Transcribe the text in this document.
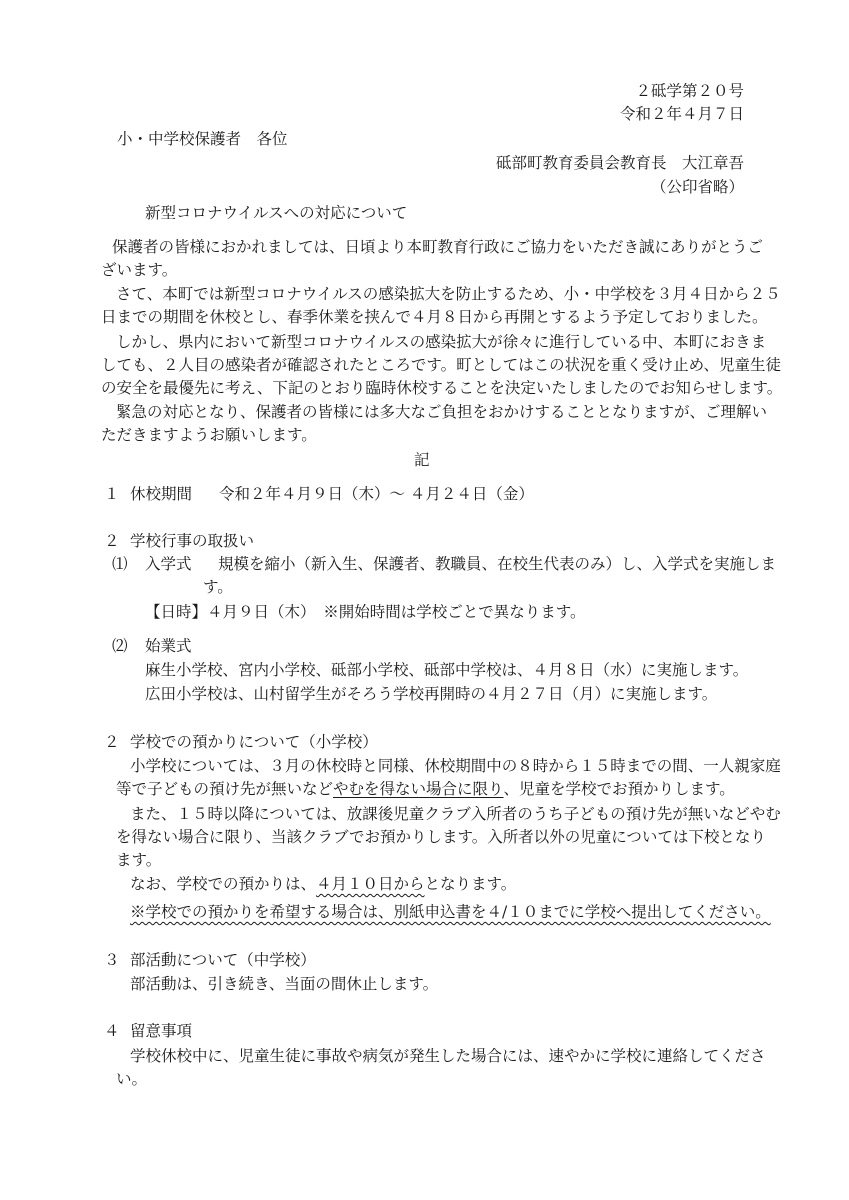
２砥学第２０号
令和２年４月７日
小・中学校保護者　各位
砥部町教育委員会教育長　大江章吾
（公印省略）
新型コロナウイルスへの対応について
保護者の皆様におかれましては、日頃より本町教育行政にご協力をいただき誠にありがとうご
ざいます。
さて、本町では新型コロナウイルスの感染拡大を防止するため、小・中学校を３月４日から２５
日までの期間を休校とし、春季休業を挟んで４月８日から再開とするよう予定しておりました。
しかし、県内において新型コロナウイルスの感染拡大が徐々に進行している中、本町におきま
しても、２人目の感染者が確認されたところです。町としてはこの状況を重く受け止め、児童生徒
の安全を最優先に考え、下記のとおり臨時休校することを決定いたしましたのでお知らせします。
緊急の対応となり、保護者の皆様には多大なご負担をおかけすることとなりますが、ご理解い
ただきますようお願いします。
記
１ 休校期間 令和２年４月９日（木）～ ４月２４日（金）
２ 学校行事の取扱い
⑴ 入学式 規模を縮小（新入生、保護者、教職員、在校生代表のみ）し、入学式を実施しま
す。
【日時】４月９日（木）　※開始時間は学校ごとで異なります。
⑵ 始業式
麻生小学校、宮内小学校、砥部小学校、砥部中学校は、４月８日（水）に実施します。
広田小学校は、山村留学生がそろう学校再開時の４月２７日（月）に実施します。
２ 学校での預かりについて（小学校）
小学校については、３月の休校時と同様、休校期間中の８時から１５時までの間、一人親家庭
等で子どもの預け先が無いなどやむを得ない場合に限り、児童を学校でお預かりします。
また、１５時以降については、放課後児童クラブ入所者のうち子どもの預け先が無いなどやむ
を得ない場合に限り、当該クラブでお預かりします。入所者以外の児童については下校となり
ます。
なお、学校での預かりは、４月１０日からとなります。
※学校での預かりを希望する場合は、別紙申込書を４/１０までに学校へ提出してください。
３ 部活動について（中学校）
部活動は、引き続き、当面の間休止します。
４ 留意事項
学校休校中に、児童生徒に事故や病気が発生した場合には、速やかに学校に連絡してくださ
い。
